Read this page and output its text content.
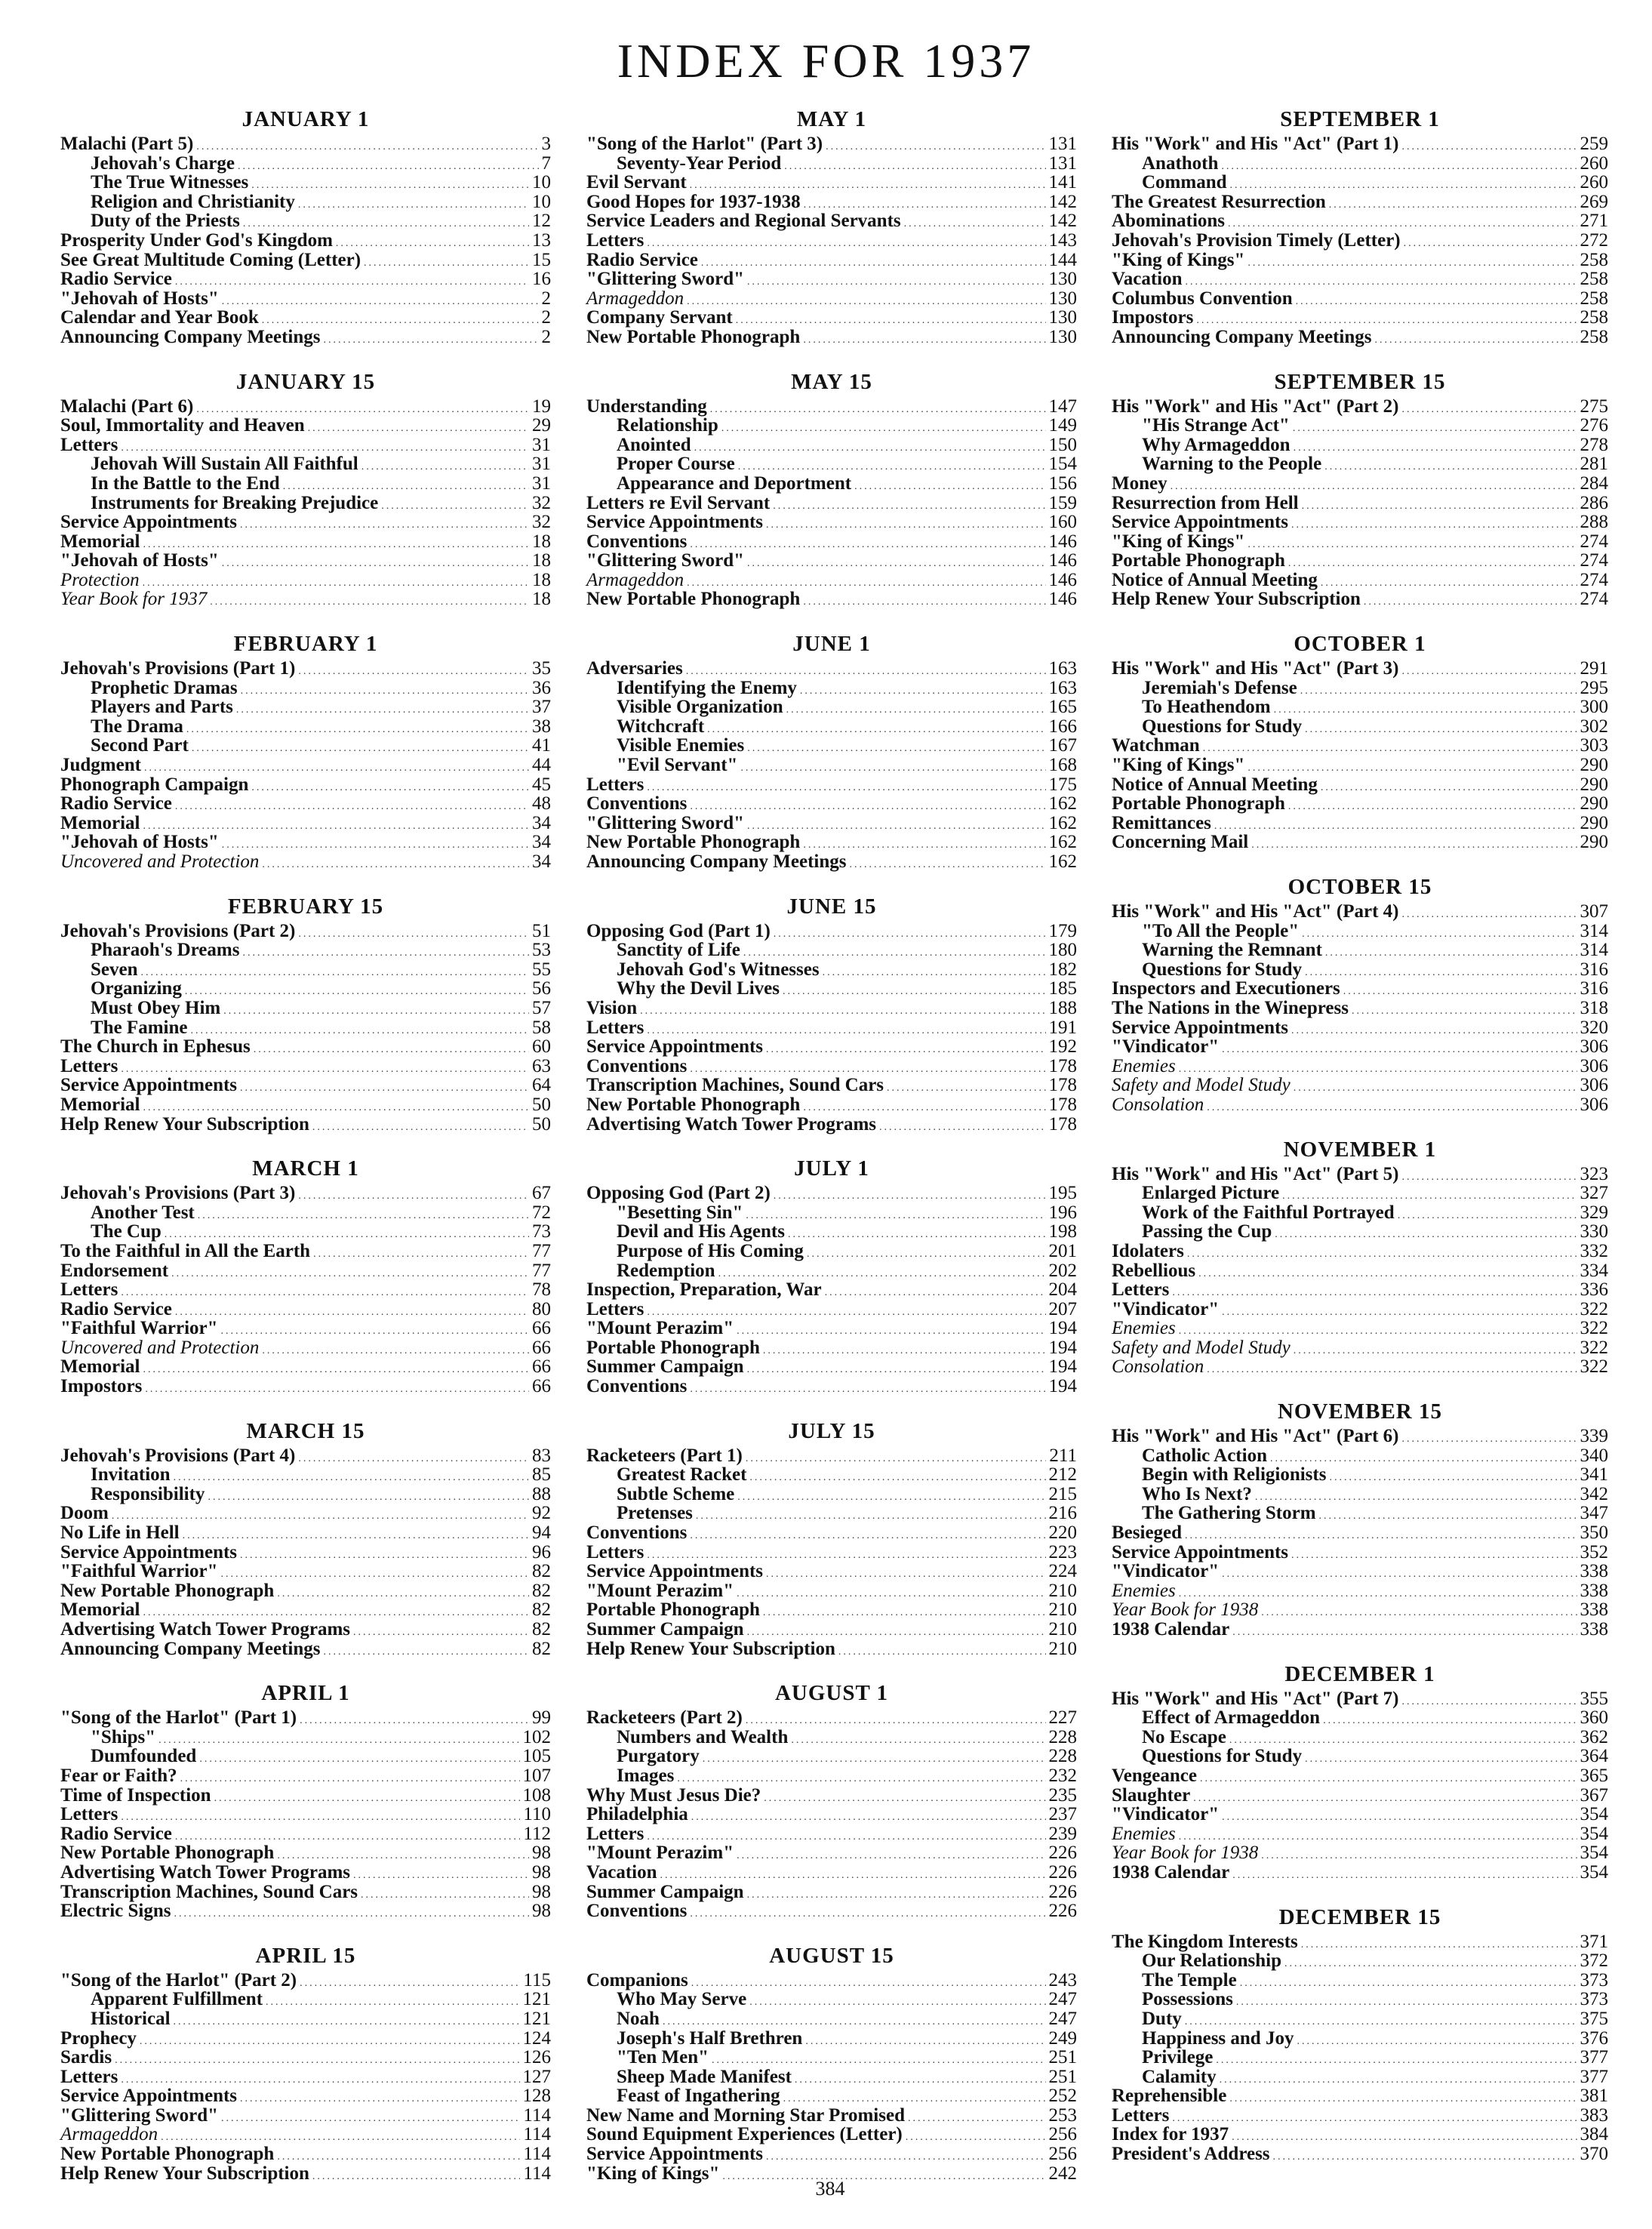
INDEX FOR 1937
JANUARY 1
Malachi (Part 5) .....	3
Jehovah's Charge .....	7
The True Witnesses .....	10
Religion and Christianity .....	10
Duty of the Priests .....	12
Prosperity Under God's Kingdom .....	13
See Great Multitude Coming (Letter) .....	15
Radio Service .....	16
"Jehovah of Hosts" .....	2
Calendar and Year Book .....	2
Announcing Company Meetings .....	2
JANUARY 15
Malachi (Part 6) .....	19
Soul, Immortality and Heaven .....	29
Letters .....	31
Jehovah Will Sustain All Faithful .....	31
In the Battle to the End .....	31
Instruments for Breaking Prejudice .....	32
Service Appointments .....	32
Memorial .....	18
"Jehovah of Hosts" .....	18
Protection .....	18
Year Book for 1937 .....	18
FEBRUARY 1
Jehovah's Provisions (Part 1) .....	35
Prophetic Dramas .....	36
Players and Parts .....	37
The Drama .....	38
Second Part .....	41
Judgment .....	44
Phonograph Campaign .....	45
Radio Service .....	48
Memorial .....	34
"Jehovah of Hosts" .....	34
Uncovered and Protection .....	34
FEBRUARY 15
Jehovah's Provisions (Part 2) .....	51
Pharaoh's Dreams .....	53
Seven .....	55
Organizing .....	56
Must Obey Him .....	57
The Famine .....	58
The Church in Ephesus .....	60
Letters .....	63
Service Appointments .....	64
Memorial .....	50
Help Renew Your Subscription .....	50
MARCH 1
Jehovah's Provisions (Part 3) .....	67
Another Test .....	72
The Cup .....	73
To the Faithful in All the Earth .....	77
Endorsement .....	77
Letters .....	78
Radio Service .....	80
"Faithful Warrior" .....	66
Uncovered and Protection .....	66
Memorial .....	66
Impostors .....	66
MARCH 15
Jehovah's Provisions (Part 4) .....	83
Invitation .....	85
Responsibility .....	88
Doom .....	92
No Life in Hell .....	94
Service Appointments .....	96
"Faithful Warrior" .....	82
New Portable Phonograph .....	82
Memorial .....	82
Advertising Watch Tower Programs .....	82
Announcing Company Meetings .....	82
APRIL 1
"Song of the Harlot" (Part 1) .....	99
"Ships" .....	102
Dumfounded .....	105
Fear or Faith? .....	107
Time of Inspection .....	108
Letters .....	110
Radio Service .....	112
New Portable Phonograph .....	98
Advertising Watch Tower Programs .....	98
Transcription Machines, Sound Cars .....	98
Electric Signs .....	98
APRIL 15
"Song of the Harlot" (Part 2) .....	115
Apparent Fulfillment .....	121
Historical .....	121
Prophecy .....	124
Sardis .....	126
Letters .....	127
Service Appointments .....	128
"Glittering Sword" .....	114
Armageddon .....	114
New Portable Phonograph .....	114
Help Renew Your Subscription .....	114
MAY 1
"Song of the Harlot" (Part 3) .....	131
Seventy-Year Period .....	131
Evil Servant .....	141
Good Hopes for 1937-1938 .....	142
Service Leaders and Regional Servants .....	142
Letters .....	143
Radio Service .....	144
"Glittering Sword" .....	130
Armageddon .....	130
Company Servant .....	130
New Portable Phonograph .....	130
MAY 15
Understanding .....	147
Relationship .....	149
Anointed .....	150
Proper Course .....	154
Appearance and Deportment .....	156
Letters re Evil Servant .....	159
Service Appointments .....	160
Conventions .....	146
"Glittering Sword" .....	146
Armageddon .....	146
New Portable Phonograph .....	146
JUNE 1
Adversaries .....	163
Identifying the Enemy .....	163
Visible Organization .....	165
Witchcraft .....	166
Visible Enemies .....	167
"Evil Servant" .....	168
Letters .....	175
Conventions .....	162
"Glittering Sword" .....	162
New Portable Phonograph .....	162
Announcing Company Meetings .....	162
JUNE 15
Opposing God (Part 1) .....	179
Sanctity of Life .....	180
Jehovah God's Witnesses .....	182
Why the Devil Lives .....	185
Vision .....	188
Letters .....	191
Service Appointments .....	192
Conventions .....	178
Transcription Machines, Sound Cars .....	178
New Portable Phonograph .....	178
Advertising Watch Tower Programs .....	178
JULY 1
Opposing God (Part 2) .....	195
"Besetting Sin" .....	196
Devil and His Agents .....	198
Purpose of His Coming .....	201
Redemption .....	202
Inspection, Preparation, War .....	204
Letters .....	207
"Mount Perazim" .....	194
Portable Phonograph .....	194
Summer Campaign .....	194
Conventions .....	194
JULY 15
Racketeers (Part 1) .....	211
Greatest Racket .....	212
Subtle Scheme .....	215
Pretenses .....	216
Conventions .....	220
Letters .....	223
Service Appointments .....	224
"Mount Perazim" .....	210
Portable Phonograph .....	210
Summer Campaign .....	210
Help Renew Your Subscription .....	210
AUGUST 1
Racketeers (Part 2) .....	227
Numbers and Wealth .....	228
Purgatory .....	228
Images .....	232
Why Must Jesus Die? .....	235
Philadelphia .....	237
Letters .....	239
"Mount Perazim" .....	226
Vacation .....	226
Summer Campaign .....	226
Conventions .....	226
AUGUST 15
Companions .....	243
Who May Serve .....	247
Noah .....	247
Joseph's Half Brethren .....	249
"Ten Men" .....	251
Sheep Made Manifest .....	251
Feast of Ingathering .....	252
New Name and Morning Star Promised .....	253
Sound Equipment Experiences (Letter) .....	256
Service Appointments .....	256
"King of Kings" .....	242
SEPTEMBER 1
His "Work" and His "Act" (Part 1) .....	259
Anathoth .....	260
Command .....	260
The Greatest Resurrection .....	269
Abominations .....	271
Jehovah's Provision Timely (Letter) .....	272
"King of Kings" .....	258
Vacation .....	258
Columbus Convention .....	258
Impostors .....	258
Announcing Company Meetings .....	258
SEPTEMBER 15
His "Work" and His "Act" (Part 2) .....	275
"His Strange Act" .....	276
Why Armageddon .....	278
Warning to the People .....	281
Money .....	284
Resurrection from Hell .....	286
Service Appointments .....	288
"King of Kings" .....	274
Portable Phonograph .....	274
Notice of Annual Meeting .....	274
Help Renew Your Subscription .....	274
OCTOBER 1
His "Work" and His "Act" (Part 3) .....	291
Jeremiah's Defense .....	295
To Heathendom .....	300
Questions for Study .....	302
Watchman .....	303
"King of Kings" .....	290
Notice of Annual Meeting .....	290
Portable Phonograph .....	290
Remittances .....	290
Concerning Mail .....	290
OCTOBER 15
His "Work" and His "Act" (Part 4) .....	307
"To All the People" .....	314
Warning the Remnant .....	314
Questions for Study .....	316
Inspectors and Executioners .....	316
The Nations in the Winepress .....	318
Service Appointments .....	320
"Vindicator" .....	306
Enemies .....	306
Safety and Model Study .....	306
Consolation .....	306
NOVEMBER 1
His "Work" and His "Act" (Part 5) .....	323
Enlarged Picture .....	327
Work of the Faithful Portrayed .....	329
Passing the Cup .....	330
Idolaters .....	332
Rebellious .....	334
Letters .....	336
"Vindicator" .....	322
Enemies .....	322
Safety and Model Study .....	322
Consolation .....	322
NOVEMBER 15
His "Work" and His "Act" (Part 6) .....	339
Catholic Action .....	340
Begin with Religionists .....	341
Who Is Next? .....	342
The Gathering Storm .....	347
Besieged .....	350
Service Appointments .....	352
"Vindicator" .....	338
Enemies .....	338
Year Book for 1938 .....	338
1938 Calendar .....	338
DECEMBER 1
His "Work" and His "Act" (Part 7) .....	355
Effect of Armageddon .....	360
No Escape .....	362
Questions for Study .....	364
Vengeance .....	365
Slaughter .....	367
"Vindicator" .....	354
Enemies .....	354
Year Book for 1938 .....	354
1938 Calendar .....	354
DECEMBER 15
The Kingdom Interests .....	371
Our Relationship .....	372
The Temple .....	373
Possessions .....	373
Duty .....	375
Happiness and Joy .....	376
Privilege .....	377
Calamity .....	377
Reprehensible .....	381
Letters .....	383
Index for 1937 .....	384
President's Address .....	370
384
